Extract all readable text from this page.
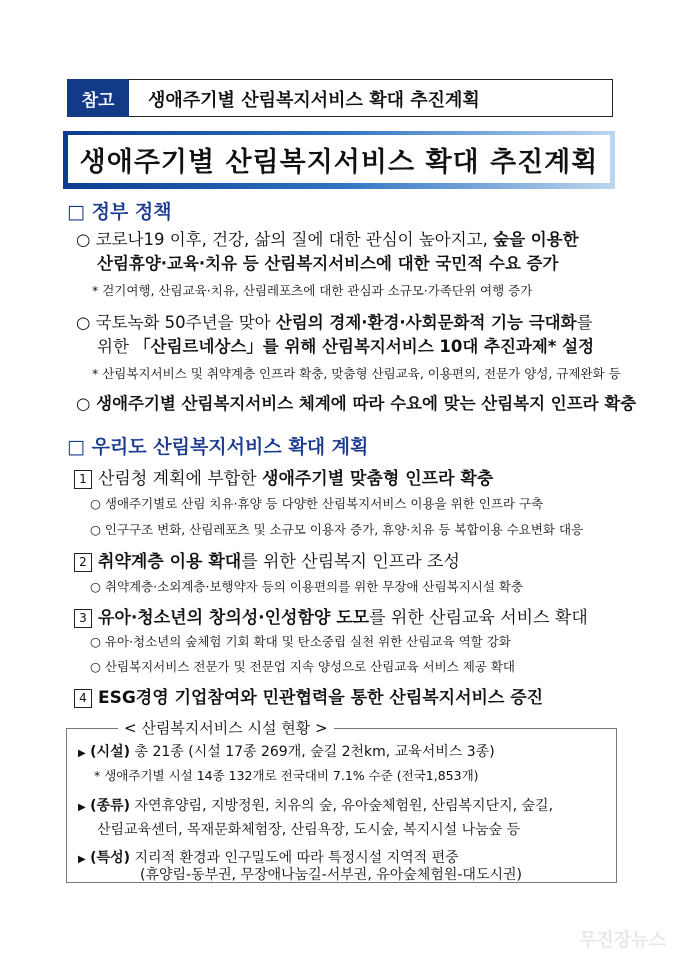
참고	생애주기별 산림복지서비스 확대 추진계획
생애주기별 산림복지서비스 확대 추진계획
□ 정부 정책
○ 코로나19 이후, 건강, 삶의 질에 대한 관심이 높아지고, 숲을 이용한
산림휴양·교육·치유 등 산림복지서비스에 대한 국민적 수요 증가
* 걷기여행, 산림교육·치유, 산림레포츠에 대한 관심과 소규모·가족단위 여행 증가
○ 국토녹화 50주년을 맞아 산림의 경제·환경·사회문화적 기능 극대화를
위한 「산림르네상스」를 위해 산림복지서비스 10대 추진과제* 설정
* 산림복지서비스 및 취약계층 인프라 확충, 맞춤형 산림교육, 이용편의, 전문가 양성, 규제완화 등
○ 생애주기별 산림복지서비스 체계에 따라 수요에 맞는 산림복지 인프라 확충
□ 우리도 산림복지서비스 확대 계획
1 산림청 계획에 부합한 생애주기별 맞춤형 인프라 확충
○ 생애주기별로 산림 치유·휴양 등 다양한 산림복지서비스 이용을 위한 인프라 구축
○ 인구구조 변화, 산림레포츠 및 소규모 이용자 증가, 휴양·치유 등 복합이용 수요변화 대응
2 취약계층 이용 확대를 위한 산림복지 인프라 조성
○ 취약계층·소외계층·보행약자 등의 이용편의를 위한 무장애 산림복지시설 확충
3 유아·청소년의 창의성·인성함양 도모를 위한 산림교육 서비스 확대
○ 유아·청소년의 숲체험 기회 확대 및 탄소중립 실천 위한 산림교육 역할 강화
○ 산림복지서비스 전문가 및 전문업 지속 양성으로 산림교육 서비스 제공 확대
4 ESG경영 기업참여와 민관협력을 통한 산림복지서비스 증진
< 산림복지서비스 시설 현황 >
▶ (시설) 총 21종 (시설 17종 269개, 숲길 2천km, 교육서비스 3종)
* 생애주기별 시설 14종 132개로 전국대비 7.1% 수준 (전국1,853개)
▶ (종류) 자연휴양림, 지방정원, 치유의 숲, 유아숲체험원, 산림복지단지, 숲길,
산림교육센터, 목재문화체험장, 산림욕장, 도시숲, 복지시설 나눔숲 등
▶ (특성) 지리적 환경과 인구밀도에 따라 특정시설 지역적 편중
(휴양림-동부권, 무장애나눔길-서부권, 유아숲체험원-대도시권)
무진장뉴스
